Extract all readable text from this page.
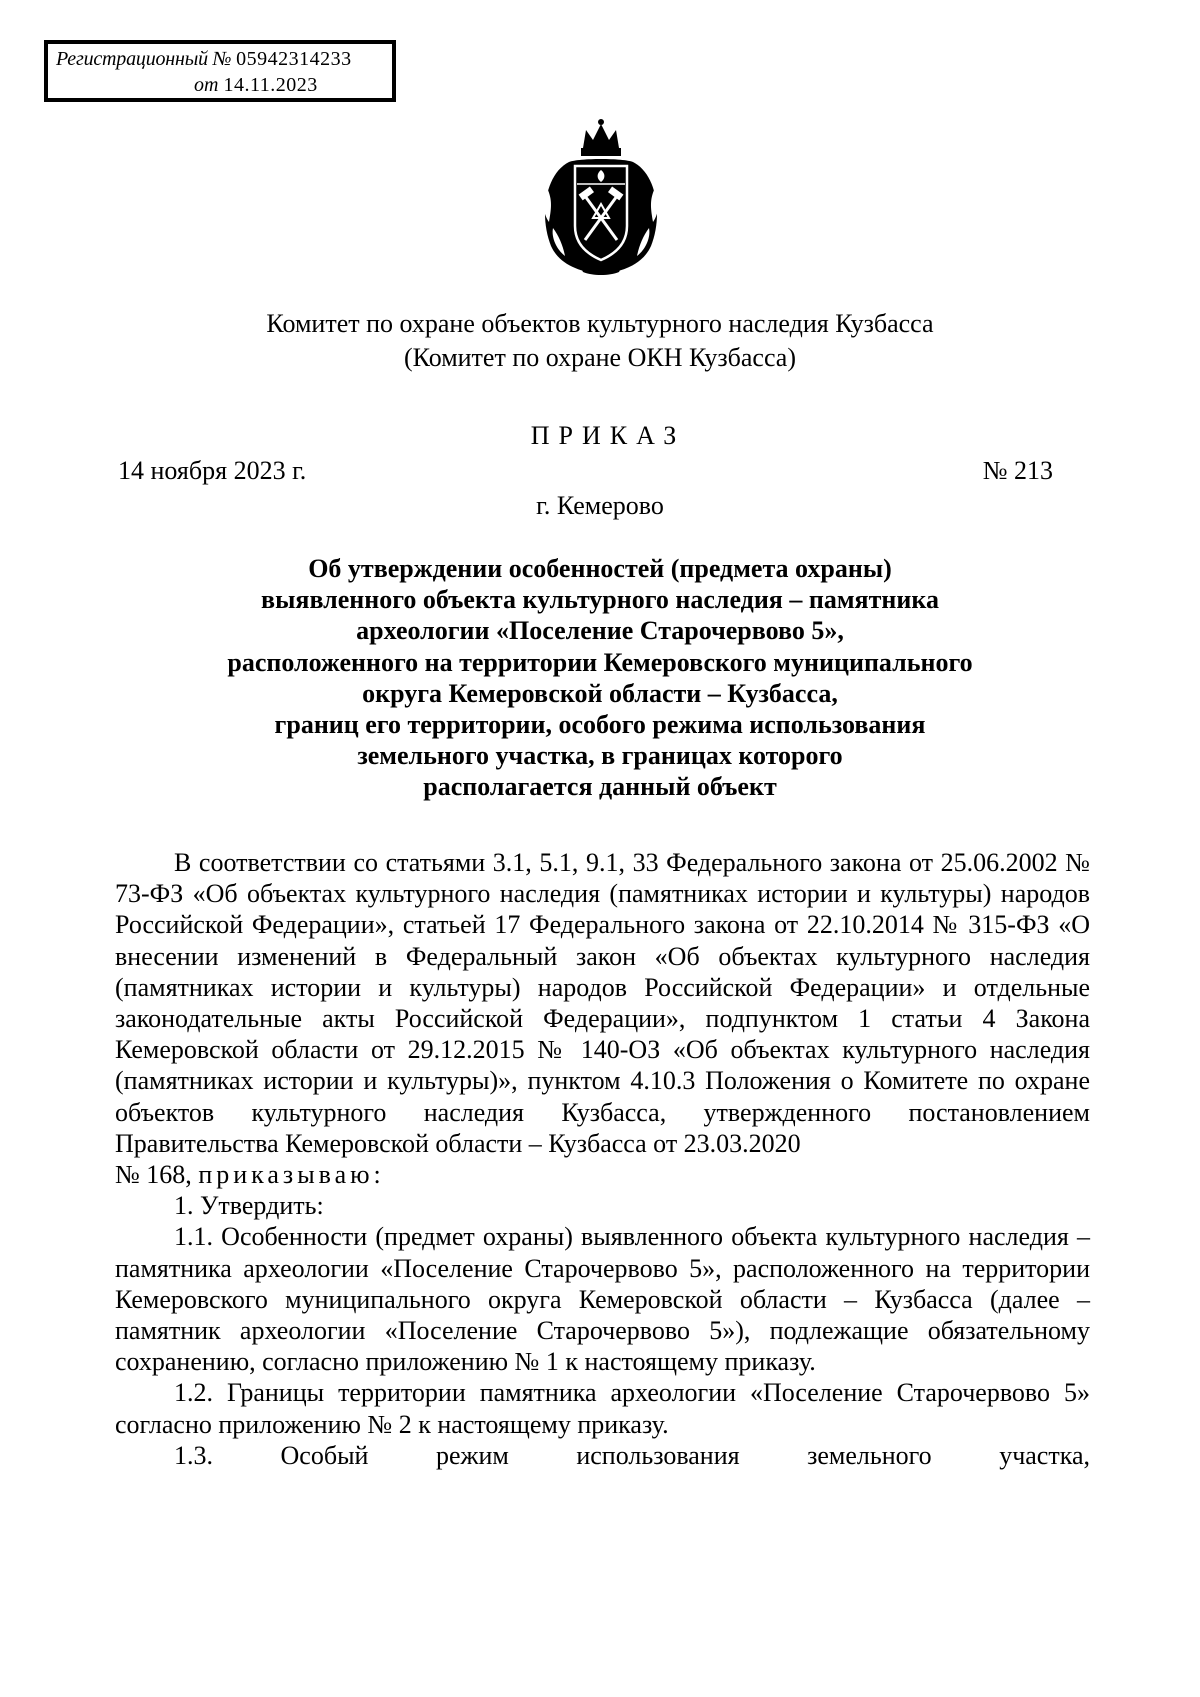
Регистрационный № 05942314233
от 14.11.2023
Комитет по охране объектов культурного наследия Кузбасса
(Комитет по охране ОКН Кузбасса)
ПРИКАЗ
14 ноября 2023 г.	№ 213
г. Кемерово
Об утверждении особенностей (предмета охраны)
выявленного объекта культурного наследия – памятника
археологии «Поселение Старочервово 5»,
расположенного на территории Кемеровского муниципального
округа Кемеровской области – Кузбасса,
границ его территории, особого режима использования
земельного участка, в границах которого
располагается данный объект

В соответствии со статьями 3.1, 5.1, 9.1, 33 Федерального закона от 25.06.2002 № 73-ФЗ «Об объектах культурного наследия (памятниках истории и культуры) народов Российской Федерации», статьей 17 Федерального закона от 22.10.2014 № 315-ФЗ «О внесении изменений в Федеральный закон «Об объектах культурного наследия (памятниках истории и культуры) народов Российской Федерации» и отдельные законодательные акты Российской Федерации», подпунктом 1 статьи 4 Закона Кемеровской области от 29.12.2015 № 140-ОЗ «Об объектах культурного наследия (памятниках истории и культуры)», пунктом 4.10.3 Положения о Комитете по охране объектов культурного наследия Кузбасса, утвержденного постановлением Правительства Кемеровской области – Кузбасса от 23.03.2020

№ 168, приказываю:

1. Утвердить:

1.1. Особенности (предмет охраны) выявленного объекта культурного наследия – памятника археологии «Поселение Старочервово 5», расположенного на территории Кемеровского муниципального округа Кемеровской области – Кузбасса (далее – памятник археологии «Поселение Старочервово 5»), подлежащие обязательному сохранению, согласно приложению № 1 к настоящему приказу.

1.2. Границы территории памятника археологии «Поселение Старочервово 5» согласно приложению № 2 к настоящему приказу.

1.3. Особый режим использования земельного участка,
